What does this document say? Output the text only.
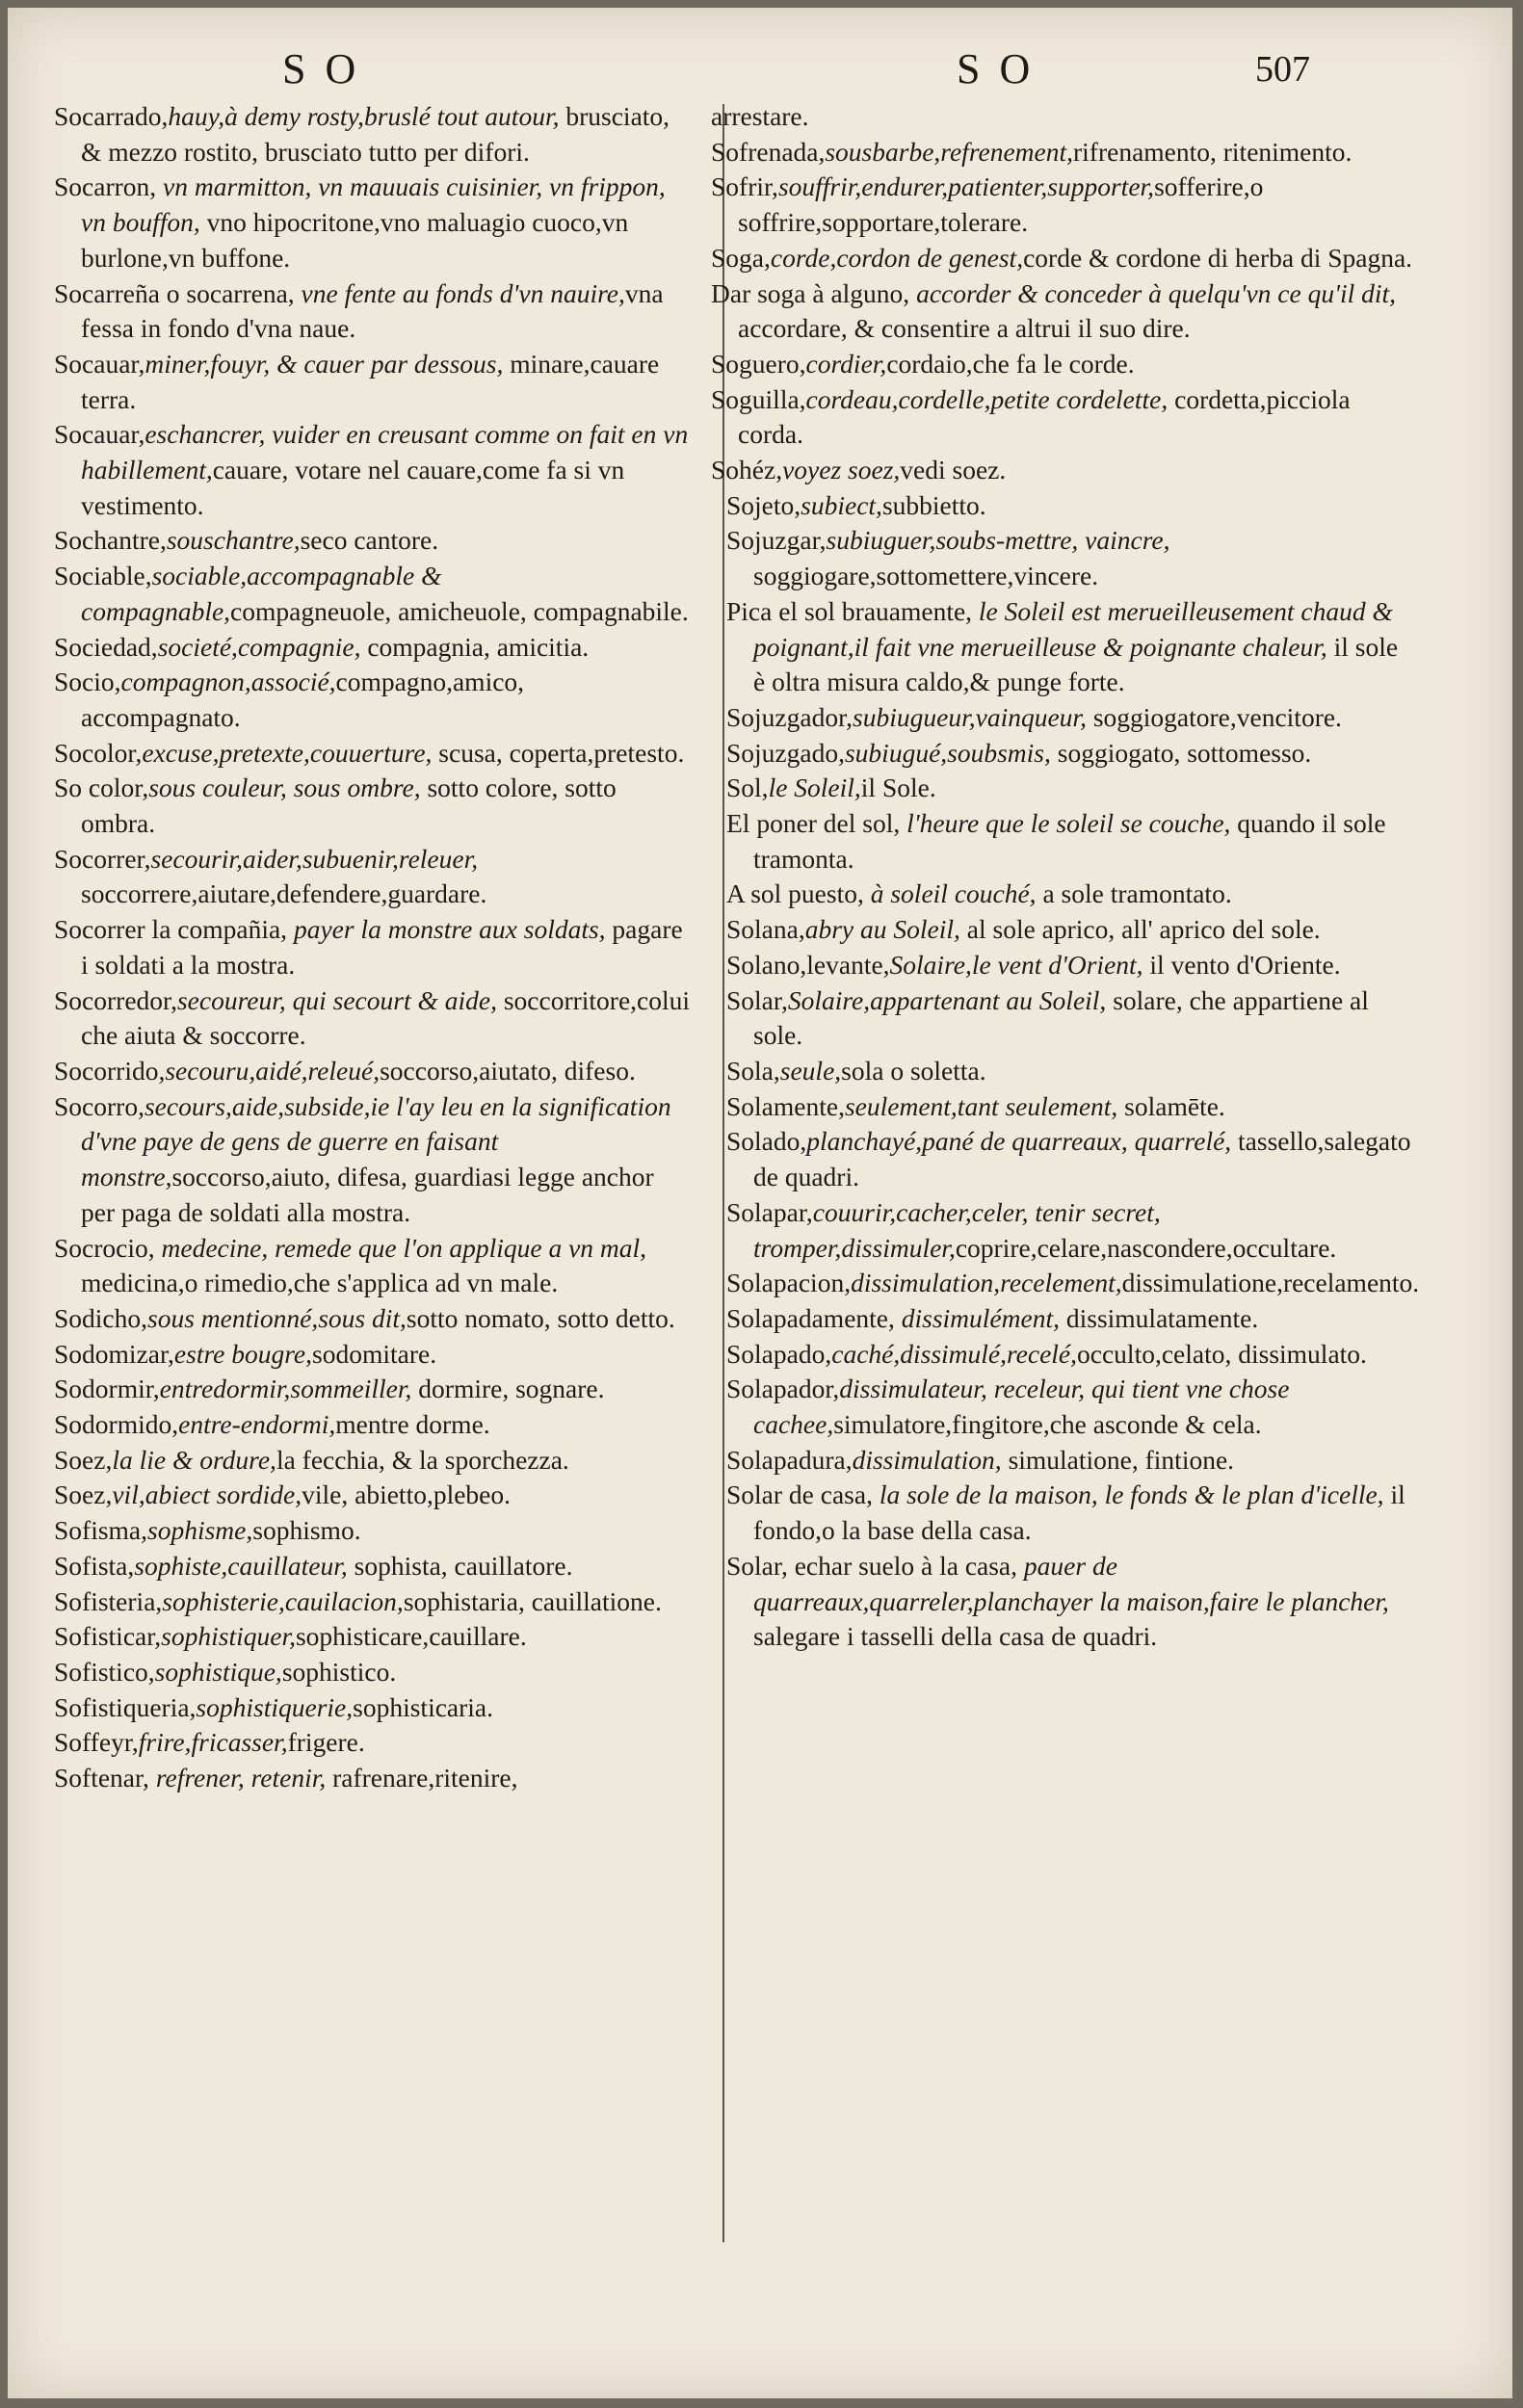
SO	SO	507
Socarrado,hauy,à demy rosty,bruslé tout autour, brusciato, & mezzo rostito, brusciato tutto per difori.
Socarron, vn marmitton, vn mauuais cuisinier, vn frippon, vn bouffon, vno hipocritone,vno maluagio cuoco,vn burlone,vn buffone.
Socarreña o socarrena, vne fente au fonds d'vn nauire,vna fessa in fondo d'vna naue.
Socauar,miner,fouyr, & cauer par dessous, minare,cauare terra.
Socauar,eschancrer, vuider en creusant comme on fait en vn habillement,cauare, votare nel cauare,come fa si vn vestimento.
Sochantre,souschantre,seco cantore.
Sociable,sociable,accompagnable & compagnable,compagneuole, amicheuole, compagnabile.
Sociedad,societé,compagnie, compagnia, amicitia.
Socio,compagnon,associé,compagno,amico, accompagnato.
Socolor,excuse,pretexte,couuerture, scusa, coperta,pretesto.
So color,sous couleur, sous ombre, sotto colore, sotto ombra.
Socorrer,secourir,aider,subuenir,releuer, soccorrere,aiutare,defendere,guardare.
Socorrer la compañia, payer la monstre aux soldats, pagare i soldati a la mostra.
Socorredor,secoureur, qui secourt & aide, soccorritore,colui che aiuta & soccorre.
Socorrido,secouru,aidé,releué,soccorso,aiutato, difeso.
Socorro,secours,aide,subside,ie l'ay leu en la signification d'vne paye de gens de guerre en faisant monstre,soccorso,aiuto, difesa, guardiasi legge anchor per paga de soldati alla mostra.
Socrocio, medecine, remede que l'on applique a vn mal, medicina,o rimedio,che s'applica ad vn male.
Sodicho,sous mentionné,sous dit,sotto nomato, sotto detto.
Sodomizar,estre bougre,sodomitare.
Sodormir,entredormir,sommeiller, dormire, sognare.
Sodormido,entre-endormi,mentre dorme.
Soez,la lie & ordure,la fecchia, & la sporchezza.
Soez,vil,abiect sordide,vile, abietto,plebeo.
Sofisma,sophisme,sophismo.
Sofista,sophiste,cauillateur, sophista, cauillatore.
Sofisteria,sophisterie,cauilacion,sophistaria, cauillatione.
Sofisticar,sophistiquer,sophisticare,cauillare.
Sofistico,sophistique,sophistico.
Sofistiqueria,sophistiquerie,sophisticaria.
Soffeyr,frire,fricasser,frigere.
Softenar, refrener, retenir, rafrenare,ritenire,
arrestare.
Sofrenada,sousbarbe,refrenement,rifrenamento, ritenimento.
Sofrir,souffrir,endurer,patienter,supporter,sofferire,o soffrire,sopportare,tolerare.
Soga,corde,cordon de genest,corde & cordone di herba di Spagna.
Dar soga à alguno, accorder & conceder à quelqu'vn ce qu'il dit, accordare, & consentire a altrui il suo dire.
Soguero,cordier,cordaio,che fa le corde.
Soguilla,cordeau,cordelle,petite cordelette, cordetta,picciola corda.
Sohéz,voyez soez,vedi soez.
Sojeto,subiect,subbietto.
Sojuzgar,subiuguer,soubs-mettre, vaincre, soggiogare,sottomettere,vincere.
Pica el sol brauamente, le Soleil est merueilleusement chaud & poignant,il fait vne merueilleuse & poignante chaleur, il sole è oltra misura caldo,& punge forte.
Sojuzgador,subiugueur,vainqueur, soggiogatore,vencitore.
Sojuzgado,subiugué,soubsmis, soggiogato, sottomesso.
Sol,le Soleil,il Sole.
El poner del sol, l'heure que le soleil se couche, quando il sole tramonta.
A sol puesto, à soleil couché, a sole tramontato.
Solana,abry au Soleil, al sole aprico, all' aprico del sole.
Solano,levante,Solaire,le vent d'Orient, il vento d'Oriente.
Solar,Solaire,appartenant au Soleil, solare, che appartiene al sole.
Sola,seule,sola o soletta.
Solamente,seulement,tant seulement, solamēte.
Solado,planchayé,pané de quarreaux, quarrelé, tassello,salegato de quadri.
Solapar,couurir,cacher,celer, tenir secret, tromper,dissimuler,coprire,celare,nascondere,occultare.
Solapacion,dissimulation,recelement,dissimulatione,recelamento.
Solapadamente, dissimulément, dissimulatamente.
Solapado,caché,dissimulé,recelé,occulto,celato, dissimulato.
Solapador,dissimulateur, receleur, qui tient vne chose cachee,simulatore,fingitore,che asconde & cela.
Solapadura,dissimulation, simulatione, fintione.
Solar de casa, la sole de la maison, le fonds & le plan d'icelle, il fondo,o la base della casa.
Solar, echar suelo à la casa, pauer de quarreaux,quarreler,planchayer la maison,faire le plancher, salegare i tasselli della casa de quadri.
